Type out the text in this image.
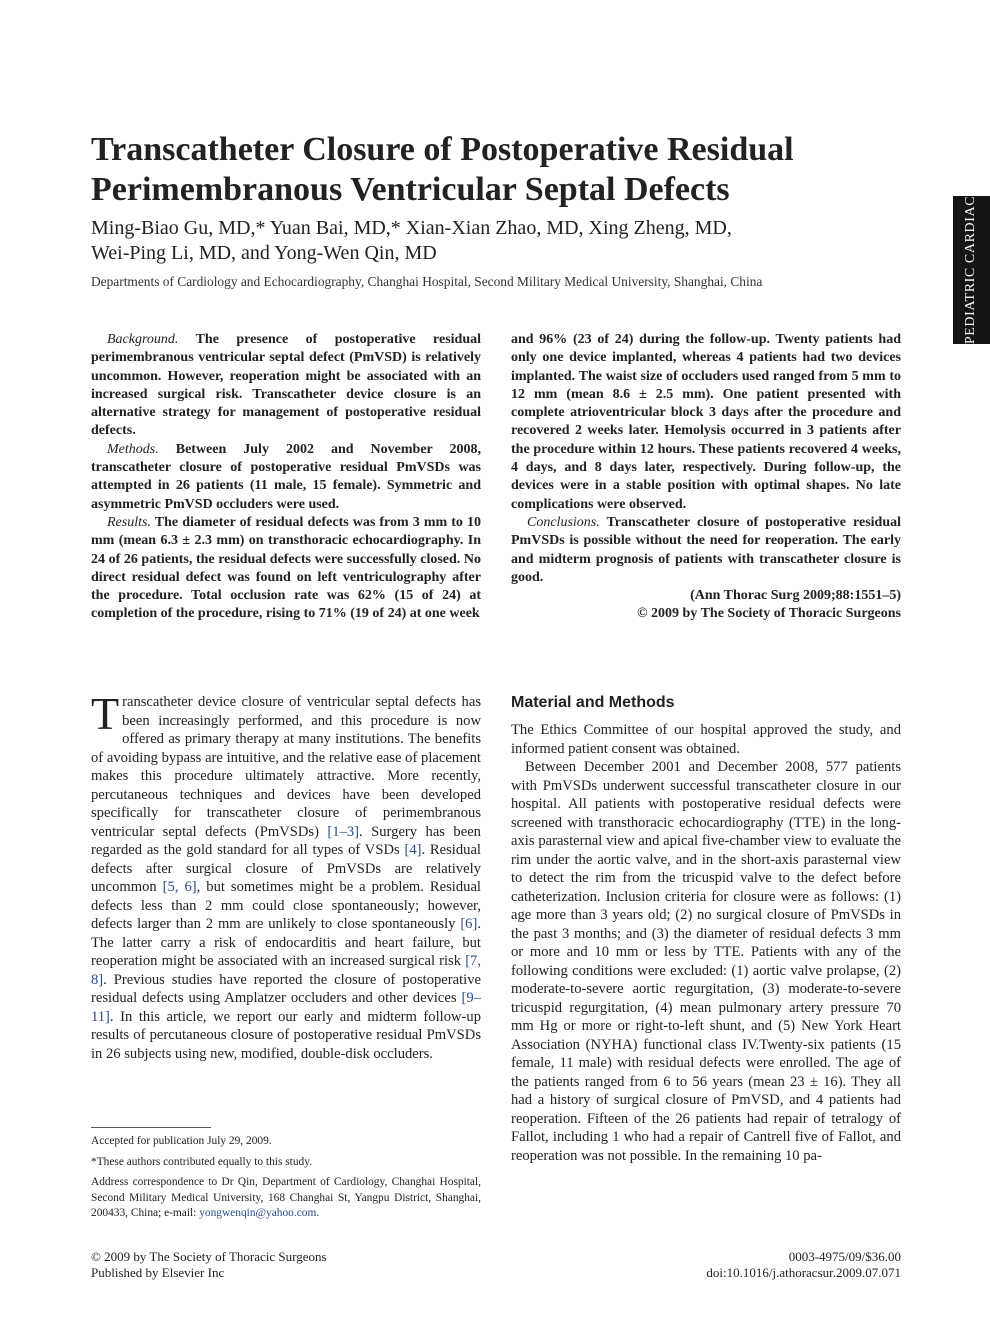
PEDIATRIC CARDIAC
Transcatheter Closure of Postoperative Residual
Perimembranous Ventricular Septal Defects
Ming-Biao Gu, MD,* Yuan Bai, MD,* Xian-Xian Zhao, MD, Xing Zheng, MD,
Wei-Ping Li, MD, and Yong-Wen Qin, MD
Departments of Cardiology and Echocardiography, Changhai Hospital, Second Military Medical University, Shanghai, China

Background. The presence of postoperative residual perimembranous ventricular septal defect (PmVSD) is relatively uncommon. However, reoperation might be associated with an increased surgical risk. Transcatheter device closure is an alternative strategy for management of postoperative residual defects.

Methods. Between July 2002 and November 2008, transcatheter closure of postoperative residual PmVSDs was attempted in 26 patients (11 male, 15 female). Symmetric and asymmetric PmVSD occluders were used.

Results. The diameter of residual defects was from 3 mm to 10 mm (mean 6.3 ± 2.3 mm) on transthoracic echocardiography. In 24 of 26 patients, the residual defects were successfully closed. No direct residual defect was found on left ventriculography after the procedure. Total occlusion rate was 62% (15 of 24) at completion of the procedure, rising to 71% (19 of 24) at one week

and 96% (23 of 24) during the follow-up. Twenty patients had only one device implanted, whereas 4 patients had two devices implanted. The waist size of occluders used ranged from 5 mm to 12 mm (mean 8.6 ± 2.5 mm). One patient presented with complete atrioventricular block 3 days after the procedure and recovered 2 weeks later. Hemolysis occurred in 3 patients after the procedure within 12 hours. These patients recovered 4 weeks, 4 days, and 8 days later, respectively. During follow-up, the devices were in a stable position with optimal shapes. No late complications were observed.

Conclusions. Transcatheter closure of postoperative residual PmVSDs is possible without the need for reoperation. The early and midterm prognosis of patients with transcatheter closure is good.

(Ann Thorac Surg 2009;88:1551–5)
© 2009 by The Society of Thoracic Surgeons

Transcatheter device closure of ventricular septal defects has been increasingly performed, and this procedure is now offered as primary therapy at many institutions. The benefits of avoiding bypass are intuitive, and the relative ease of placement makes this procedure ultimately attractive. More recently, percutaneous techniques and devices have been developed specifically for transcatheter closure of perimembranous ventricular septal defects (PmVSDs) [1–3]. Surgery has been regarded as the gold standard for all types of VSDs [4]. Residual defects after surgical closure of PmVSDs are relatively uncommon [5, 6], but sometimes might be a problem. Residual defects less than 2 mm could close spontaneously; however, defects larger than 2 mm are unlikely to close spontaneously [6]. The latter carry a risk of endocarditis and heart failure, but reoperation might be associated with an increased surgical risk [7, 8]. Previous studies have reported the closure of postoperative residual defects using Amplatzer occluders and other devices [9–11]. In this article, we report our early and midterm follow-up results of percutaneous closure of postoperative residual PmVSDs in 26 subjects using new, modified, double-disk occluders.

Accepted for publication July 29, 2009.

*These authors contributed equally to this study.

Address correspondence to Dr Qin, Department of Cardiology, Changhai Hospital, Second Military Medical University, 168 Changhai St, Yangpu District, Shanghai, 200433, China; e-mail: yongwenqin@yahoo.com.

Material and Methods

The Ethics Committee of our hospital approved the study, and informed patient consent was obtained.

Between December 2001 and December 2008, 577 patients with PmVSDs underwent successful transcatheter closure in our hospital. All patients with postoperative residual defects were screened with transthoracic echocardiography (TTE) in the long-axis parasternal view and apical five-chamber view to evaluate the rim under the aortic valve, and in the short-axis parasternal view to detect the rim from the tricuspid valve to the defect before catheterization. Inclusion criteria for closure were as follows: (1) age more than 3 years old; (2) no surgical closure of PmVSDs in the past 3 months; and (3) the diameter of residual defects 3 mm or more and 10 mm or less by TTE. Patients with any of the following conditions were excluded: (1) aortic valve prolapse, (2) moderate-to-severe aortic regurgitation, (3) moderate-to-severe tricuspid regurgitation, (4) mean pulmonary artery pressure 70 mm Hg or more or right-to-left shunt, and (5) New York Heart Association (NYHA) functional class IV.Twenty-six patients (15 female, 11 male) with residual defects were enrolled. The age of the patients ranged from 6 to 56 years (mean 23 ± 16). They all had a history of surgical closure of PmVSD, and 4 patients had reoperation. Fifteen of the 26 patients had repair of tetralogy of Fallot, including 1 who had a repair of Cantrell five of Fallot, and reoperation was not possible. In the remaining 10 pa-

© 2009 by The Society of Thoracic Surgeons
Published by Elsevier Inc
0003-4975/09/$36.00
doi:10.1016/j.athoracsur.2009.07.071
